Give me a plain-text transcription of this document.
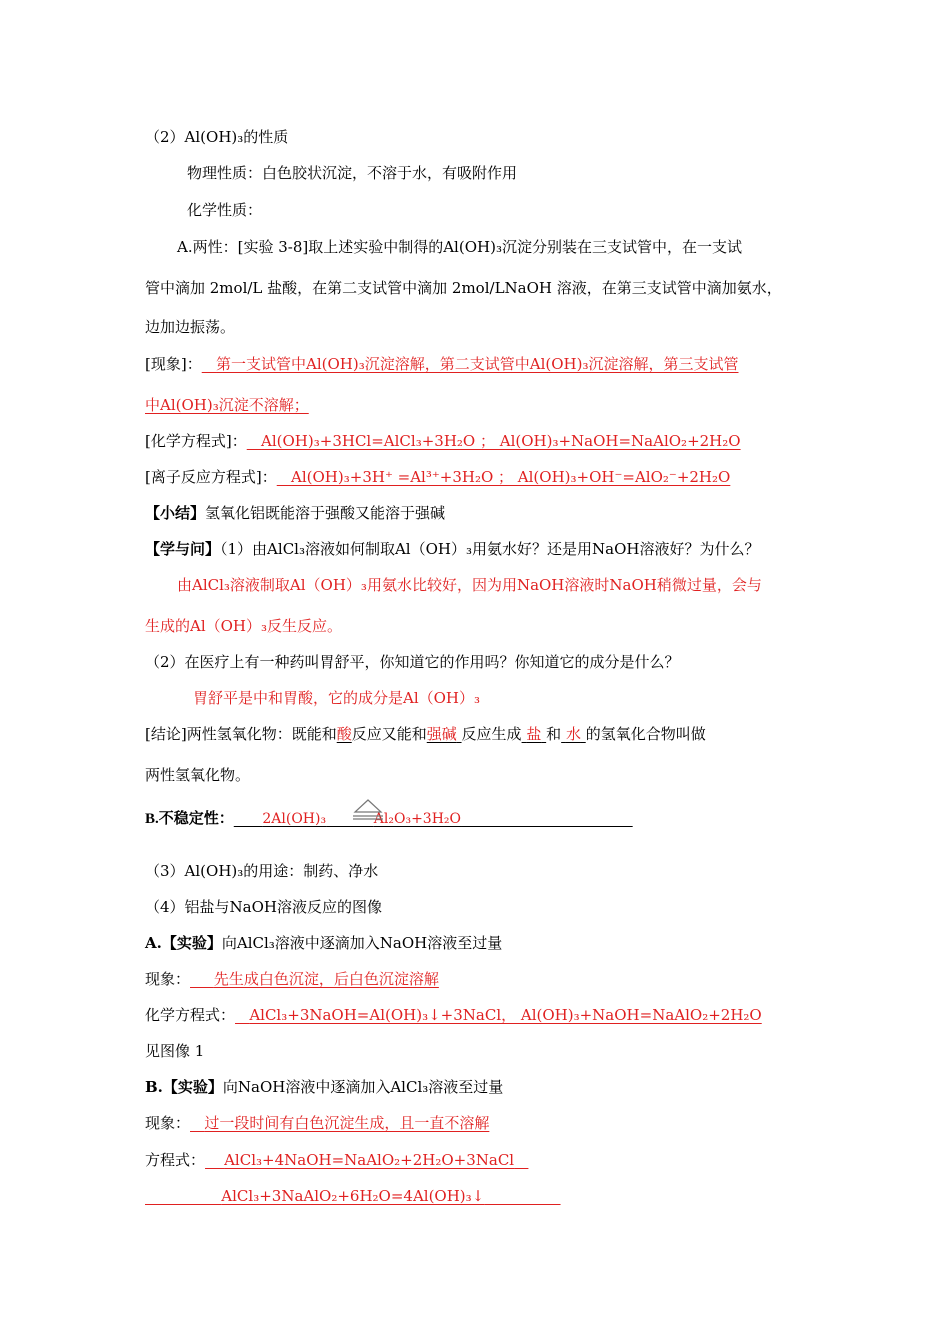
（2）Al(OH)₃的性质
物理性质：白色胶状沉淀，不溶于水，有吸附作用
化学性质：
A.两性：[实验 3-8]取上述实验中制得的Al(OH)₃沉淀分别装在三支试管中，在一支试
管中滴加 2mol/L 盐酸，在第二支试管中滴加 2mol/LNaOH 溶液，在第三支试管中滴加氨水，
边加边振荡。
[现象]： 第一支试管中Al(OH)₃沉淀溶解，第二支试管中Al(OH)₃沉淀溶解，第三支试管
中Al(OH)₃沉淀不溶解；
[化学方程式]： Al(OH)₃+3HCl=AlCl₃+3H₂O ； Al(OH)₃+NaOH=NaAlO₂+2H₂O
[离子反应方程式]： Al(OH)₃+3H⁺ =Al³⁺+3H₂O ； Al(OH)₃+OH⁻=AlO₂⁻+2H₂O
【小结】氢氧化铝既能溶于强酸又能溶于强碱
【学与问】（1）由AlCl₃溶液如何制取Al（OH）₃用氨水好？还是用NaOH溶液好？为什么？
由AlCl₃溶液制取Al（OH）₃用氨水比较好，因为用NaOH溶液时NaOH稍微过量，会与
生成的Al（OH）₃反生反应。
（2）在医疗上有一种药叫胃舒平，你知道它的作用吗？你知道它的成分是什么？
胃舒平是中和胃酸，它的成分是Al（OH）₃
[结论]两性氢氧化物：既能和酸反应又能和强碱 反应生成 盐 和 水 的氢氧化合物叫做
两性氢氧化物。
B.不稳定性： 2Al(OH)₃	Al₂O₃+3H₂O
（3）Al(OH)₃的用途：制药、净水
（4）铝盐与NaOH溶液反应的图像
A.【实验】向AlCl₃溶液中逐滴加入NaOH溶液至过量
现象： 先生成白色沉淀，后白色沉淀溶解
化学方程式： AlCl₃+3NaOH=Al(OH)₃↓+3NaCl， Al(OH)₃+NaOH=NaAlO₂+2H₂O
见图像 1
B.【实验】向NaOH溶液中逐滴加入AlCl₃溶液至过量
现象： 过一段时间有白色沉淀生成，且一直不溶解
方程式： AlCl₃+4NaOH=NaAlO₂+2H₂O+3NaCl
AlCl₃+3NaAlO₂+6H₂O=4Al(OH)₃↓
